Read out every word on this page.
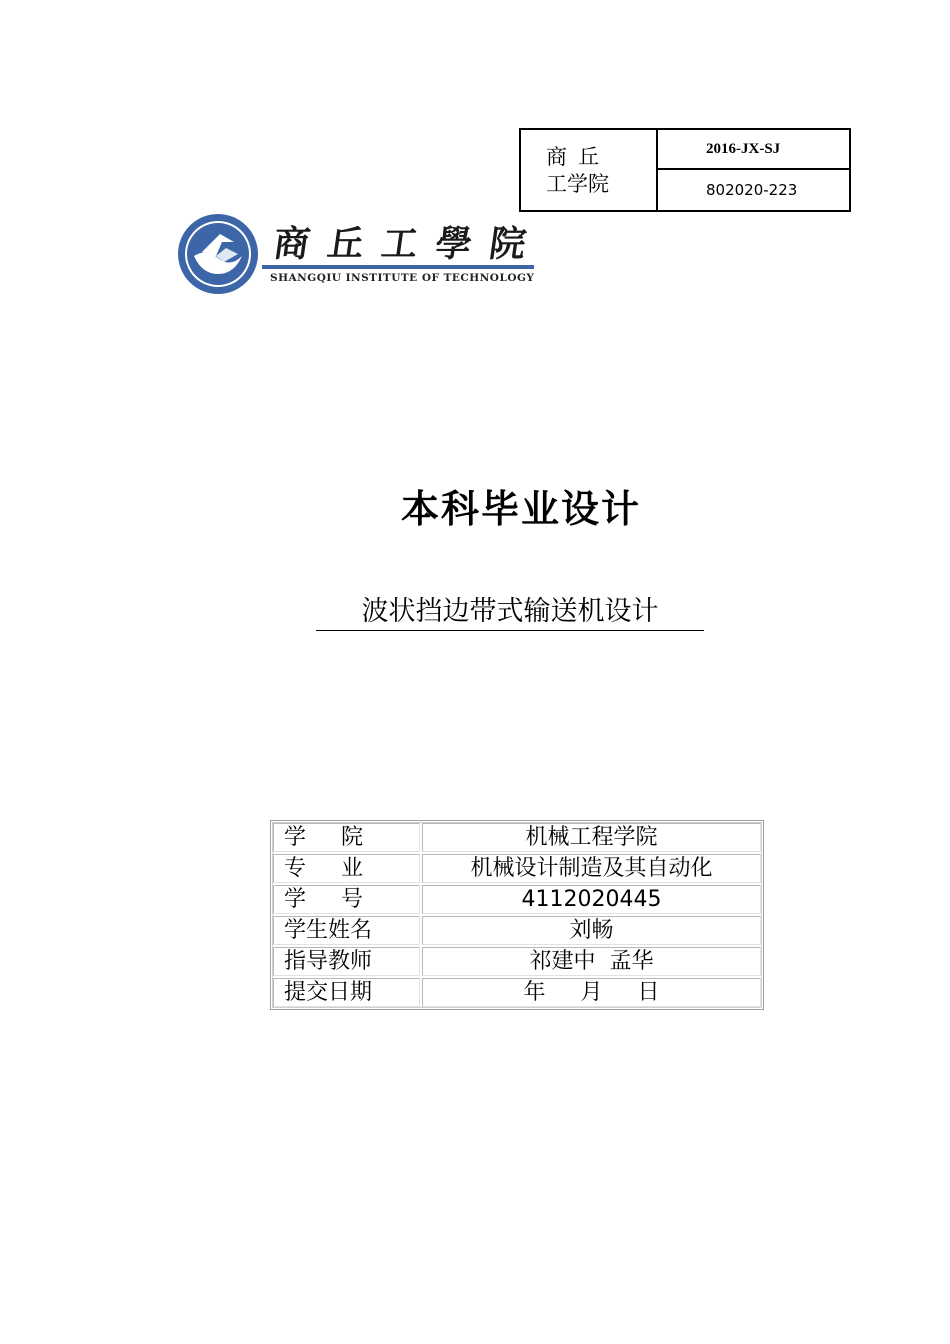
商丘
工学院
2016-JX-SJ
802020-223
商丘工學院
SHANGQIU INSTITUTE OF TECHNOLOGY
本科毕业设计
波状挡边带式输送机设计
学     院	机械工程学院
专     业	机械设计制造及其自动化
学     号	4112020445
学生姓名	刘畅
指导教师	祁建中  孟华
提交日期	年     月     日
